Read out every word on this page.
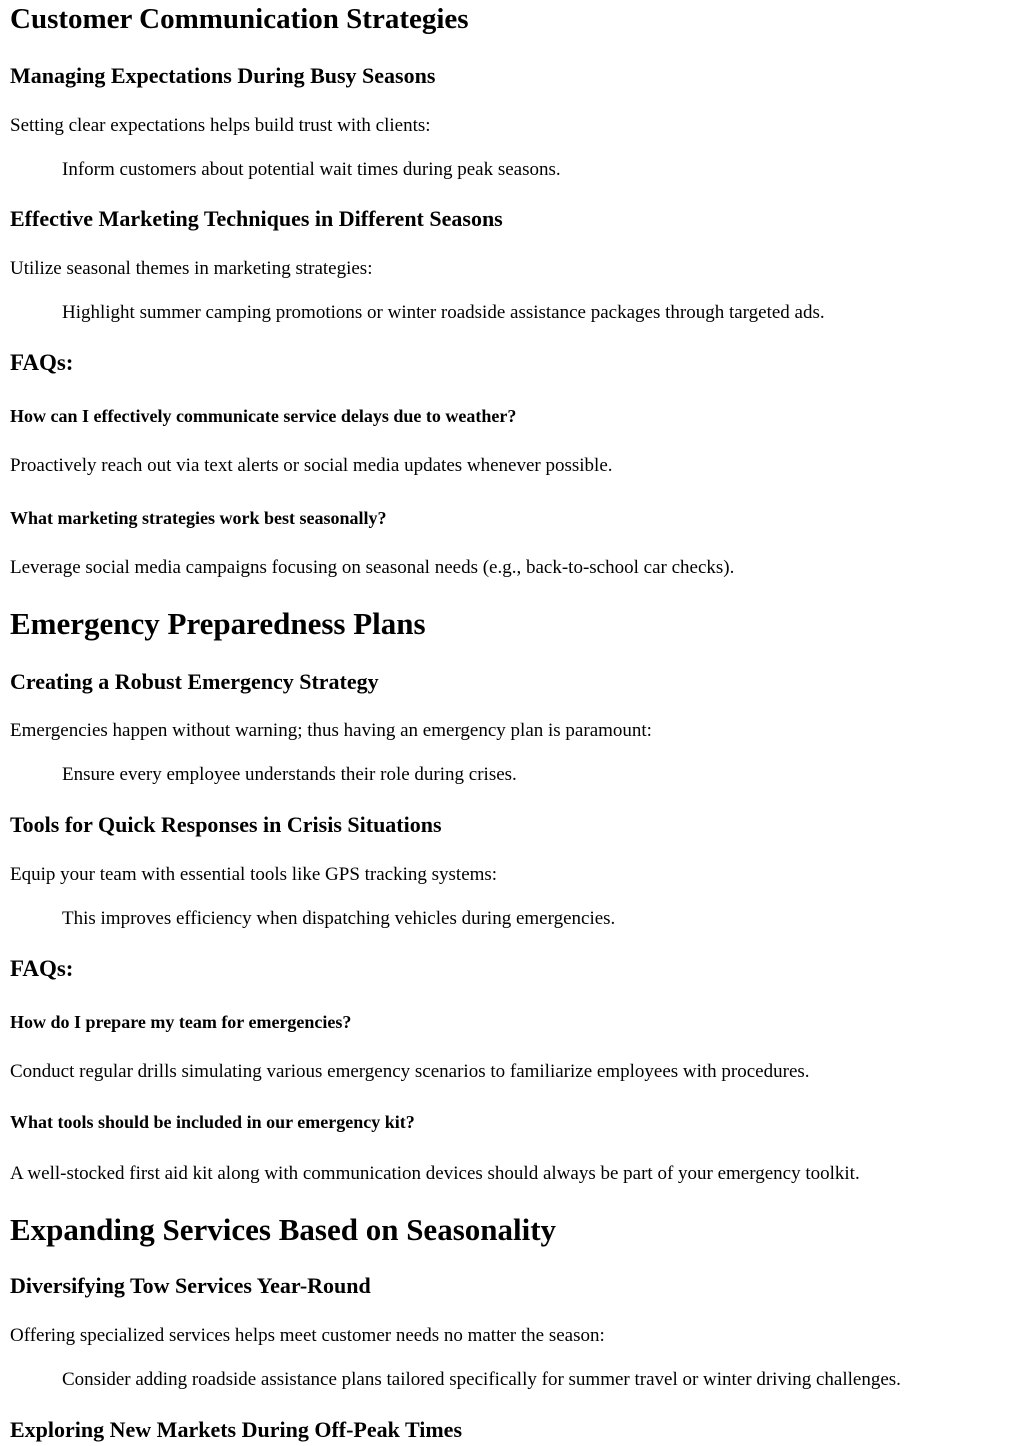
Customer Communication Strategies
Managing Expectations During Busy Seasons
Setting clear expectations helps build trust with clients:
Inform customers about potential wait times during peak seasons.
Effective Marketing Techniques in Different Seasons
Utilize seasonal themes in marketing strategies:
Highlight summer camping promotions or winter roadside assistance packages through targeted ads.
FAQs:
How can I effectively communicate service delays due to weather?
Proactively reach out via text alerts or social media updates whenever possible.
What marketing strategies work best seasonally?
Leverage social media campaigns focusing on seasonal needs (e.g., back-to-school car checks).
Emergency Preparedness Plans
Creating a Robust Emergency Strategy
Emergencies happen without warning; thus having an emergency plan is paramount:
Ensure every employee understands their role during crises.
Tools for Quick Responses in Crisis Situations
Equip your team with essential tools like GPS tracking systems:
This improves efficiency when dispatching vehicles during emergencies.
FAQs:
How do I prepare my team for emergencies?
Conduct regular drills simulating various emergency scenarios to familiarize employees with procedures.
What tools should be included in our emergency kit?
A well-stocked first aid kit along with communication devices should always be part of your emergency toolkit.
Expanding Services Based on Seasonality
Diversifying Tow Services Year-Round
Offering specialized services helps meet customer needs no matter the season:
Consider adding roadside assistance plans tailored specifically for summer travel or winter driving challenges.
Exploring New Markets During Off-Peak Times
